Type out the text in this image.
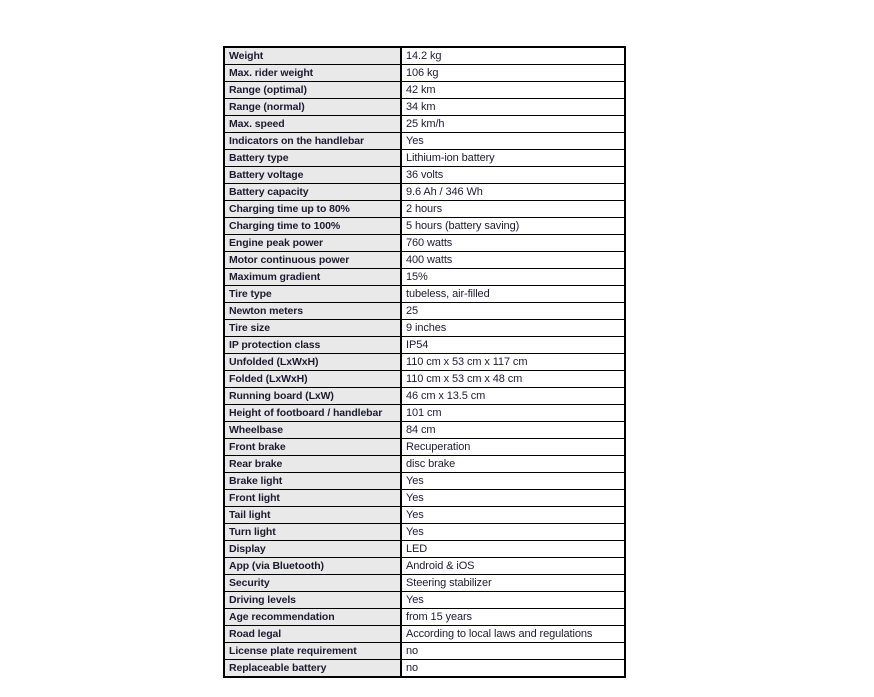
Weight	14.2 kg
Max. rider weight	106 kg
Range (optimal)	42 km
Range (normal)	34 km
Max. speed	25 km/h
Indicators on the handlebar	Yes
Battery type	Lithium-ion battery
Battery voltage	36 volts
Battery capacity	9.6 Ah / 346 Wh
Charging time up to 80%	2 hours
Charging time to 100%	5 hours (battery saving)
Engine peak power	760 watts
Motor continuous power	400 watts
Maximum gradient	15%
Tire type	tubeless, air-filled
Newton meters	25
Tire size	9 inches
IP protection class	IP54
Unfolded (LxWxH)	110 cm x 53 cm x 117 cm
Folded (LxWxH)	110 cm x 53 cm x 48 cm
Running board (LxW)	46 cm x 13.5 cm
Height of footboard / handlebar	101 cm
Wheelbase	84 cm
Front brake	Recuperation
Rear brake	disc brake
Brake light	Yes
Front light	Yes
Tail light	Yes
Turn light	Yes
Display	LED
App (via Bluetooth)	Android & iOS
Security	Steering stabilizer
Driving levels	Yes
Age recommendation	from 15 years
Road legal	According to local laws and regulations
License plate requirement	no
Replaceable battery	no
